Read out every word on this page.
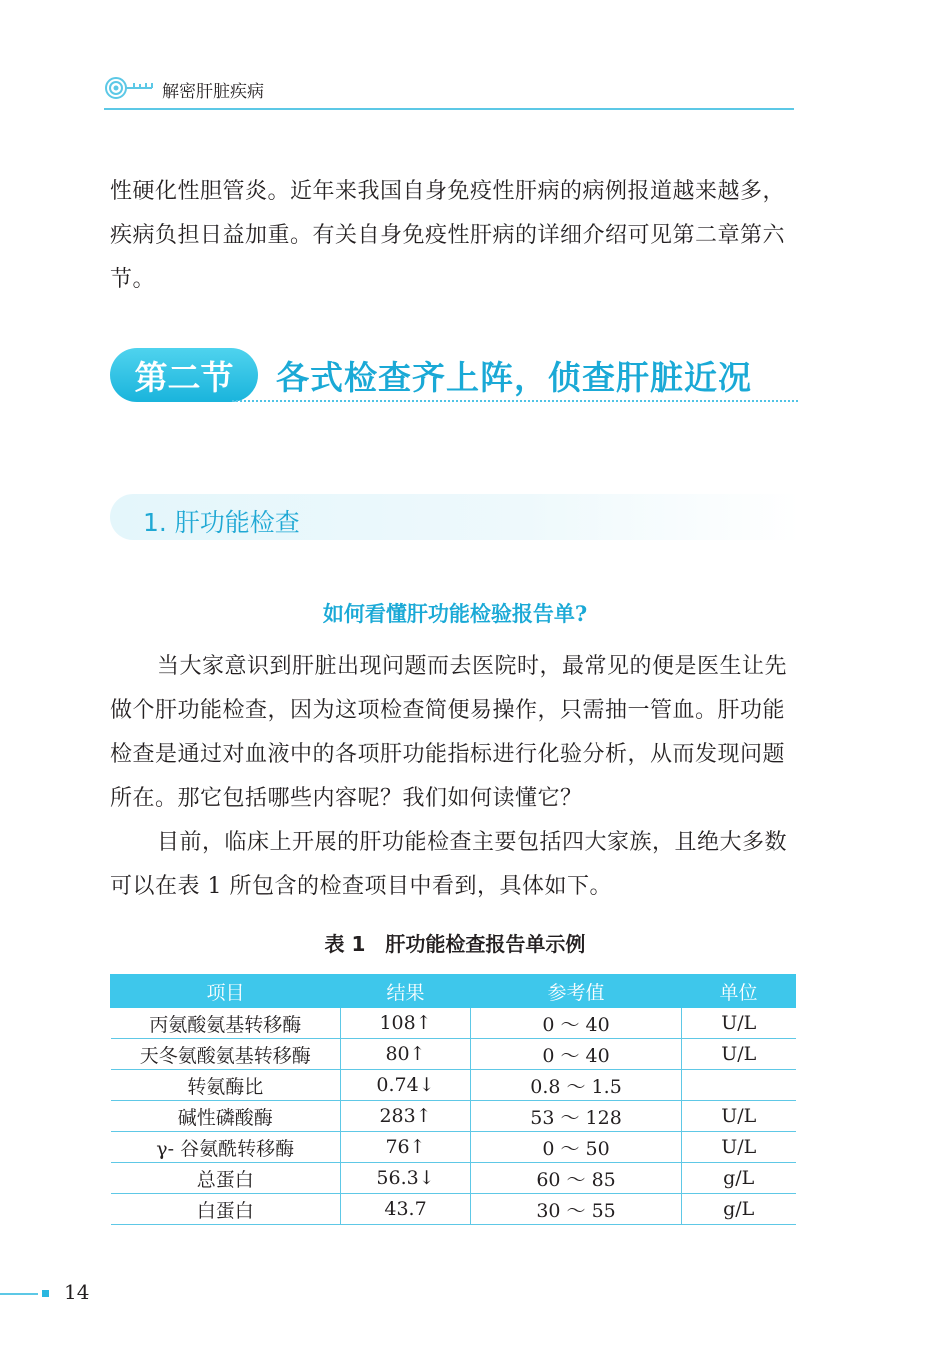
解密肝脏疾病

性硬化性胆管炎。近年来我国自身免疫性肝病的病例报道越来越多，疾病负担日益加重。有关自身免疫性肝病的详细介绍可见第二章第六节。

第二节	各式检查齐上阵，侦查肝脏近况
1. 肝功能检查
如何看懂肝功能检验报告单?

当大家意识到肝脏出现问题而去医院时，最常见的便是医生让先做个肝功能检查，因为这项检查简便易操作，只需抽一管血。肝功能检查是通过对血液中的各项肝功能指标进行化验分析，从而发现问题所在。那它包括哪些内容呢？我们如何读懂它？

目前，临床上开展的肝功能检查主要包括四大家族，且绝大多数可以在表 1 所包含的检查项目中看到，具体如下。

表 1　肝功能检查报告单示例
项目	结果	参考值	单位
丙氨酸氨基转移酶	108↑	0 ～ 40	U/L
天冬氨酸氨基转移酶	80↑	0 ～ 40	U/L
转氨酶比	0.74↓	0.8 ～ 1.5	
碱性磷酸酶	283↑	53 ～ 128	U/L
γ- 谷氨酰转移酶	76↑	0 ～ 50	U/L
总蛋白	56.3↓	60 ～ 85	g/L
白蛋白	43.7	30 ～ 55	g/L
14
